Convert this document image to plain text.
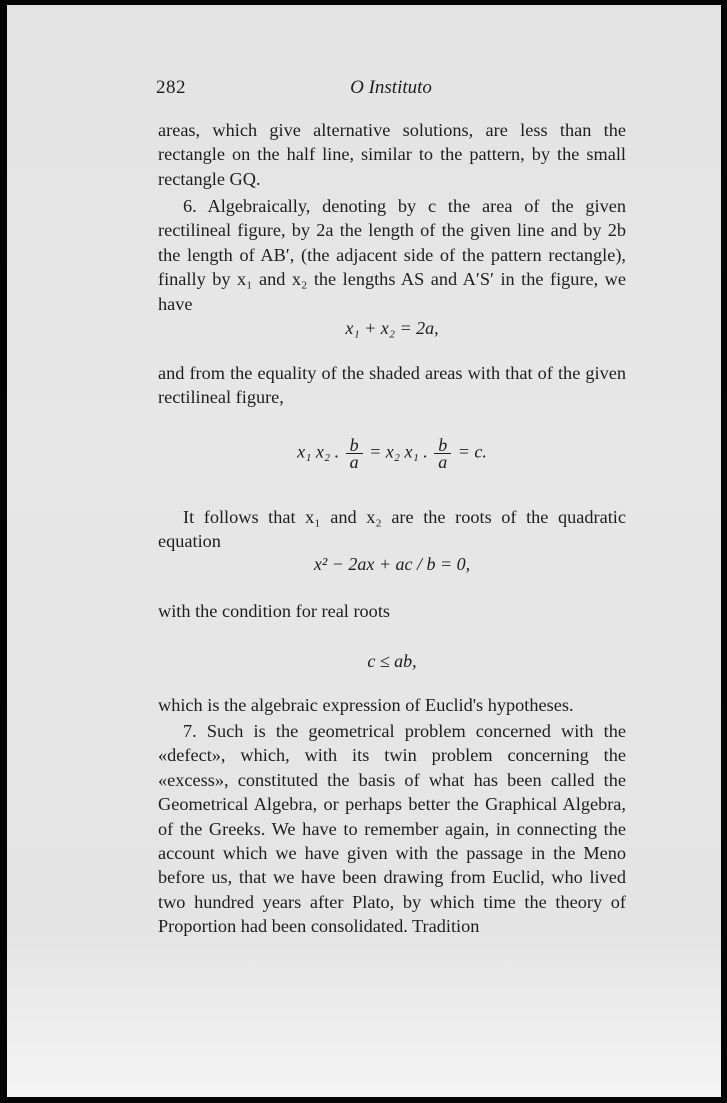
282	O Instituto

areas, which give alternative solutions, are less than the rectangle on the half line, similar to the pattern, by the small rectangle GQ.

6. Algebraically, denoting by c the area of the given rectilineal figure, by 2a the length of the given line and by 2b the length of AB′, (the adjacent side of the pattern rectangle), finally by x₁ and x₂ the lengths AS and A′S′ in the figure, we have

x₁ + x₂ = 2a,

and from the equality of the shaded areas with that of the given rectilineal figure,

x₁ x₂ . $\frac{b}{a} = x_2$ x₁ . $\frac{b}{a} = c$.

It follows that x₁ and x₂ are the roots of the quadratic equation

x² − 2ax + ac / b = 0,

with the condition for real roots

c ≤ ab,

which is the algebraic expression of Euclid's hypotheses.

7. Such is the geometrical problem concerned with the «defect», which, with its twin problem concerning the «excess», constituted the basis of what has been called the Geometrical Algebra, or perhaps better the Graphical Algebra, of the Greeks. We have to remember again, in connecting the account which we have given with the passage in the Meno before us, that we have been drawing from Euclid, who lived two hundred years after Plato, by which time the theory of Proportion had been consolidated. Tradition
